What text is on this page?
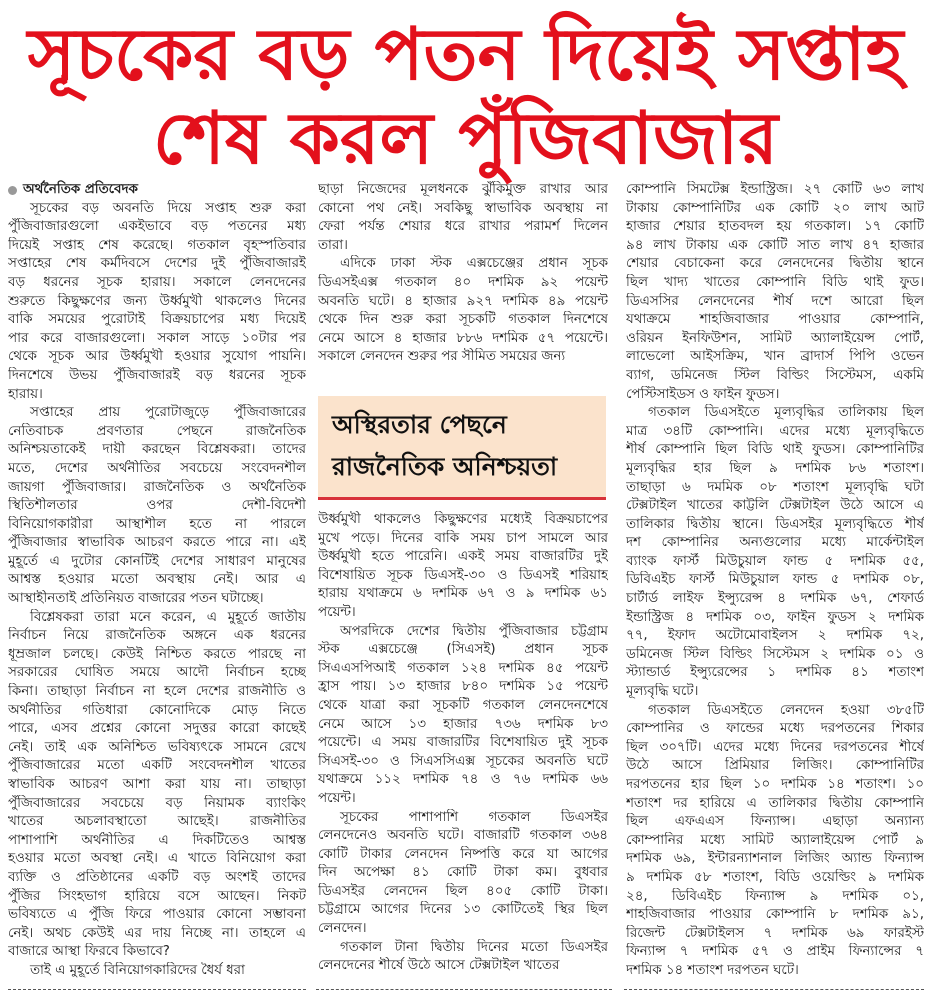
সূচকের বড় পতন দিয়েই সপ্তাহ
শেষ করল পুঁজিবাজার
অর্থনৈতিক প্রতিবেদক
সূচকের বড় অবনতি দিয়ে সপ্তাহ শুরু করা
পুঁজিবাজারগুলো একইভাবে বড় পতনের মধ্য
দিয়েই সপ্তাহ শেষ করেছে। গতকাল বৃহস্পতিবার
সপ্তাহের শেষ কর্মদিবসে দেশের দুই পুঁজিবাজারই
বড় ধরনের সূচক হারায়। সকালে লেনদেনের
শুরুতে কিছুক্ষণের জন্য উর্ধ্বমুখী থাকলেও দিনের
বাকি সময়ের পুরোটাই বিক্রয়চাপের মধ্য দিয়েই
পার করে বাজারগুলো। সকাল সাড়ে ১০টার পর
থেকে সূচক আর উর্ধ্বমুখী হওয়ার সুযোগ পায়নি।
দিনশেষে উভয় পুঁজিবাজারই বড় ধরনের সূচক
হারায়।
সপ্তাহের প্রায় পুরোটাজুড়ে পুঁজিবাজারের
নেতিবাচক প্রবণতার পেছনে রাজনৈতিক
অনিশ্চয়তাকেই দায়ী করছেন বিশ্লেষকরা। তাদের
মতে, দেশের অর্থনীতির সবচেয়ে সংবেদনশীল
জায়গা পুঁজিবাজার। রাজনৈতিক ও অর্থনৈতিক
স্থিতিশীলতার ওপর দেশী-বিদেশী
বিনিয়োগকারীরা আস্থাশীল হতে না পারলে
পুঁজিবাজার স্বাভাবিক আচরণ করতে পারে না। এই
মুহূর্তে এ দুটোর কোনটিই দেশের সাধারণ মানুষের
আশ্বস্ত হওয়ার মতো অবস্থায় নেই। আর এ
আস্থাহীনতাই প্রতিনিয়ত বাজারের পতন ঘটাচ্ছে।
বিশ্লেষকরা তারা মনে করেন, এ মুহূর্তে জাতীয়
নির্বাচন নিয়ে রাজনৈতিক অঙ্গনে এক ধরনের
ধূম্রজাল চলছে। কেউই নিশ্চিত করতে পারছে না
সরকারের ঘোষিত সময়ে আদৌ নির্বাচন হচ্ছে
কিনা। তাছাড়া নির্বাচন না হলে দেশের রাজনীতি ও
অর্থনীতির গতিধারা কোনোদিকে মোড় নিতে
পারে, এসব প্রশ্নের কোনো সদুত্তর কারো কাছেই
নেই। তাই এক অনিশ্চিত ভবিষ্যৎকে সামনে রেখে
পুঁজিবাজারের মতো একটি সংবেদনশীল খাতের
স্বাভাবিক আচরণ আশা করা যায় না। তাছাড়া
পুঁজিবাজারের সবচেয়ে বড় নিয়ামক ব্যাংকিং
খাতের অচলাবস্থাতো আছেই। রাজনীতির
পাশাপাশি অর্থনীতির এ দিকটিতেও আশ্বস্ত
হওয়ার মতো অবস্থা নেই। এ খাতে বিনিয়োগ করা
ব্যক্তি ও প্রতিষ্ঠানের একটি বড় অংশই তাদের
পুঁজির সিংহভাগ হারিয়ে বসে আছেন। নিকট
ভবিষ্যতে এ পুঁজি ফিরে পাওয়ার কোনো সম্ভাবনা
নেই। অথচ কেউই এর দায় নিচ্ছে না। তাহলে এ
বাজারে আস্থা ফিরবে কিভাবে?
তাই এ মুহূর্তে বিনিয়োগকারিদের ধৈর্য ধরা
ছাড়া নিজেদের মূলধনকে ঝুঁকিমুক্ত রাখার আর
কোনো পথ নেই। সবকিছু স্বাভাবিক অবস্থায় না
ফেরা পর্যন্ত শেয়ার ধরে রাখার পরামর্শ দিলেন
তারা।
এদিকে ঢাকা স্টক এক্সচেঞ্জের প্রধান সূচক
ডিএসইএক্স গতকাল ৪০ দশমিক ৯২ পয়েন্ট
অবনতি ঘটে। ৪ হাজার ৯২৭ দশমিক ৪৯ পয়েন্ট
থেকে দিন শুরু করা সূচকটি গতকাল দিনশেষে
নেমে আসে ৪ হাজার ৮৮৬ দশমিক ৫৭ পয়েন্টে।
সকালে লেনদেন শুরুর পর সীমিত সময়ের জন্য
অস্থিরতার পেছনে
রাজনৈতিক অনিশ্চয়তা
উর্ধ্বমুখী থাকলেও কিছুক্ষণের মধ্যেই বিক্রয়চাপের
মুখে পড়ে। দিনের বাকি সময় চাপ সামলে আর
উর্ধ্বমুখী হতে পারেনি। একই সময় বাজারটির দুই
বিশেষায়িত সূচক ডিএসই-৩০ ও ডিএসই শরিয়াহ
হারায় যথাক্রমে ৬ দশমিক ৬৭ ও ৯ দশমিক ৬১
পয়েন্ট।
অপরদিকে দেশের দ্বিতীয় পুঁজিবাজার চট্টগ্রাম
স্টক এক্সচেঞ্জে (সিএসই) প্রধান সূচক
সিএএসপিআই গতকাল ১২৪ দশমিক ৪৫ পয়েন্ট
হ্রাস পায়। ১৩ হাজার ৮৪০ দশমিক ১৫ পয়েন্ট
থেকে যাত্রা করা সূচকটি গতকাল লেনদেনশেষে
নেমে আসে ১৩ হাজার ৭৩৬ দশমিক ৮৩
পয়েন্টে। এ সময় বাজারটির বিশেষায়িত দুই সূচক
সিএসই-৩০ ও সিএসসিএক্স সূচকের অবনতি ঘটে
যথাক্রমে ১১২ দশমিক ৭৪ ও ৭৬ দশমিক ৬৬
পয়েন্ট।
সূচকের পাশাপাশি গতকাল ডিএসইর
লেনদেনেও অবনতি ঘটে। বাজারটি গতকাল ৩৬৪
কোটি টাকার লেনদেন নিষ্পত্তি করে যা আগের
দিন অপেক্ষা ৪১ কোটি টাকা কম। বুধবার
ডিএসইর লেনদেন ছিল ৪০৫ কোটি টাকা।
চট্টগ্রামে আগের দিনের ১৩ কোটিতেই স্থির ছিল
লেনদেন।
গতকাল টানা দ্বিতীয় দিনের মতো ডিএসইর
লেনদেনের শীর্ষে উঠে আসে টেক্সটাইল খাতের
কোম্পানি সিমটেক্স ইন্ডাস্ট্রিজ। ২৭ কোটি ৬৩ লাখ
টাকায় কোম্পানিটির এক কোটি ২০ লাখ আট
হাজার শেয়ার হাতবদল হয় গতকাল। ১৭ কোটি
৯৪ লাখ টাকায় এক কোটি সাত লাখ ৪৭ হাজার
শেয়ার বেচাকেনা করে লেনদেনের দ্বিতীয় স্থানে
ছিল খাদ্য খাতের কোম্পানি বিডি থাই ফুড।
ডিএসসির লেনদেনের শীর্ষ দশে আরো ছিল
যথাক্রমে শাহজিবাজার পাওয়ার কোম্পানি,
ওরিয়ন ইনফিউশন, সামিট অ্যালাইয়েন্স পোর্ট,
লাভেলো আইসক্রিম, খান ব্রাদার্স পিপি ওভেন
ব্যাগ, ডমিনেজ স্টিল বিল্ডিং সিস্টেমস, একমি
পেস্টিসাইডস ও ফাইন ফুডস।
গতকাল ডিএসইতে মূল্যবৃদ্ধির তালিকায় ছিল
মাত্র ৩৪টি কোম্পানি। এদের মধ্যে মূল্যবৃদ্ধিতে
শীর্ষ কোম্পানি ছিল বিডি থাই ফুডস। কোম্পানিটির
মূল্যবৃদ্ধির হার ছিল ৯ দশমিক ৮৬ শতাংশ।
তাছাড়া ৬ দমমিক ০৮ শতাংশ মূল্যবৃদ্ধি ঘটা
টেক্সটাইল খাতের কাট্টলি টেক্সটাইল উঠে আসে এ
তালিকার দ্বিতীয় স্থানে। ডিএসইর মূল্যবৃদ্ধিতে শীর্ষ
দশ কোম্পানির অন্যগুলোর মধ্যে মার্কেন্টাইল
ব্যাংক ফার্স্ট মিউচুয়াল ফান্ড ৫ দশমিক ৫৫,
ডিবিএইচ ফার্স্ট মিউচুয়াল ফান্ড ৫ দশমিক ০৮,
চার্টার্ড লাইফ ইন্স্যুরেন্স ৪ দশমিক ৬৭, শেফার্ড
ইন্ডাস্ট্রিজ ৪ দশমিক ০৩, ফাইন ফুডস ২ দশমিক
৭৭, ইফাদ অটোমোবাইলস ২ দশমিক ৭২,
ডমিনেজ স্টিল বিল্ডিং সিস্টেমস ২ দশমিক ০১ ও
স্ট্যান্ডার্ড ইন্স্যুরেন্সের ১ দশমিক ৪১ শতাংশ
মূল্যবৃদ্ধি ঘটে।
গতকাল ডিএসইতে লেনদেন হওয়া ৩৮৫টি
কোম্পানির ও ফান্ডের মধ্যে দরপতনের শিকার
ছিল ৩০৭টি। এদের মধ্যে দিনের দরপতনের শীর্ষে
উঠে আসে প্রিমিয়ার লিজিং। কোম্পানিটির
দরপতনের হার ছিল ১০ দশমিক ১৪ শতাংশ। ১০
শতাংশ দর হারিয়ে এ তালিকার দ্বিতীয় কোম্পানি
ছিল এফএএস ফিন্যান্স। এছাড়া অন্যান্য
কোম্পানির মধ্যে সামিট অ্যালাইয়েন্স পোর্ট ৯
দশমিক ৬৯, ইন্টারন্যাশনাল লিজিং অ্যান্ড ফিন্যান্স
৯ দশমিক ৫৮ শতাংশ, বিডি ওয়েল্ডিং ৯ দশমিক
২৪, ডিবিএইচ ফিন্যান্স ৯ দশমিক ০১,
শাহজিবাজার পাওয়ার কোম্পানি ৮ দশমিক ৯১,
রিজেন্ট টেক্সটাইলস ৭ দশমিক ৬৯ ফারইস্ট
ফিন্যান্স ৭ দশমিক ৫৭ ও প্রাইম ফিন্যান্সের ৭
দশমিক ১৪ শতাংশ দরপতন ঘটে।
